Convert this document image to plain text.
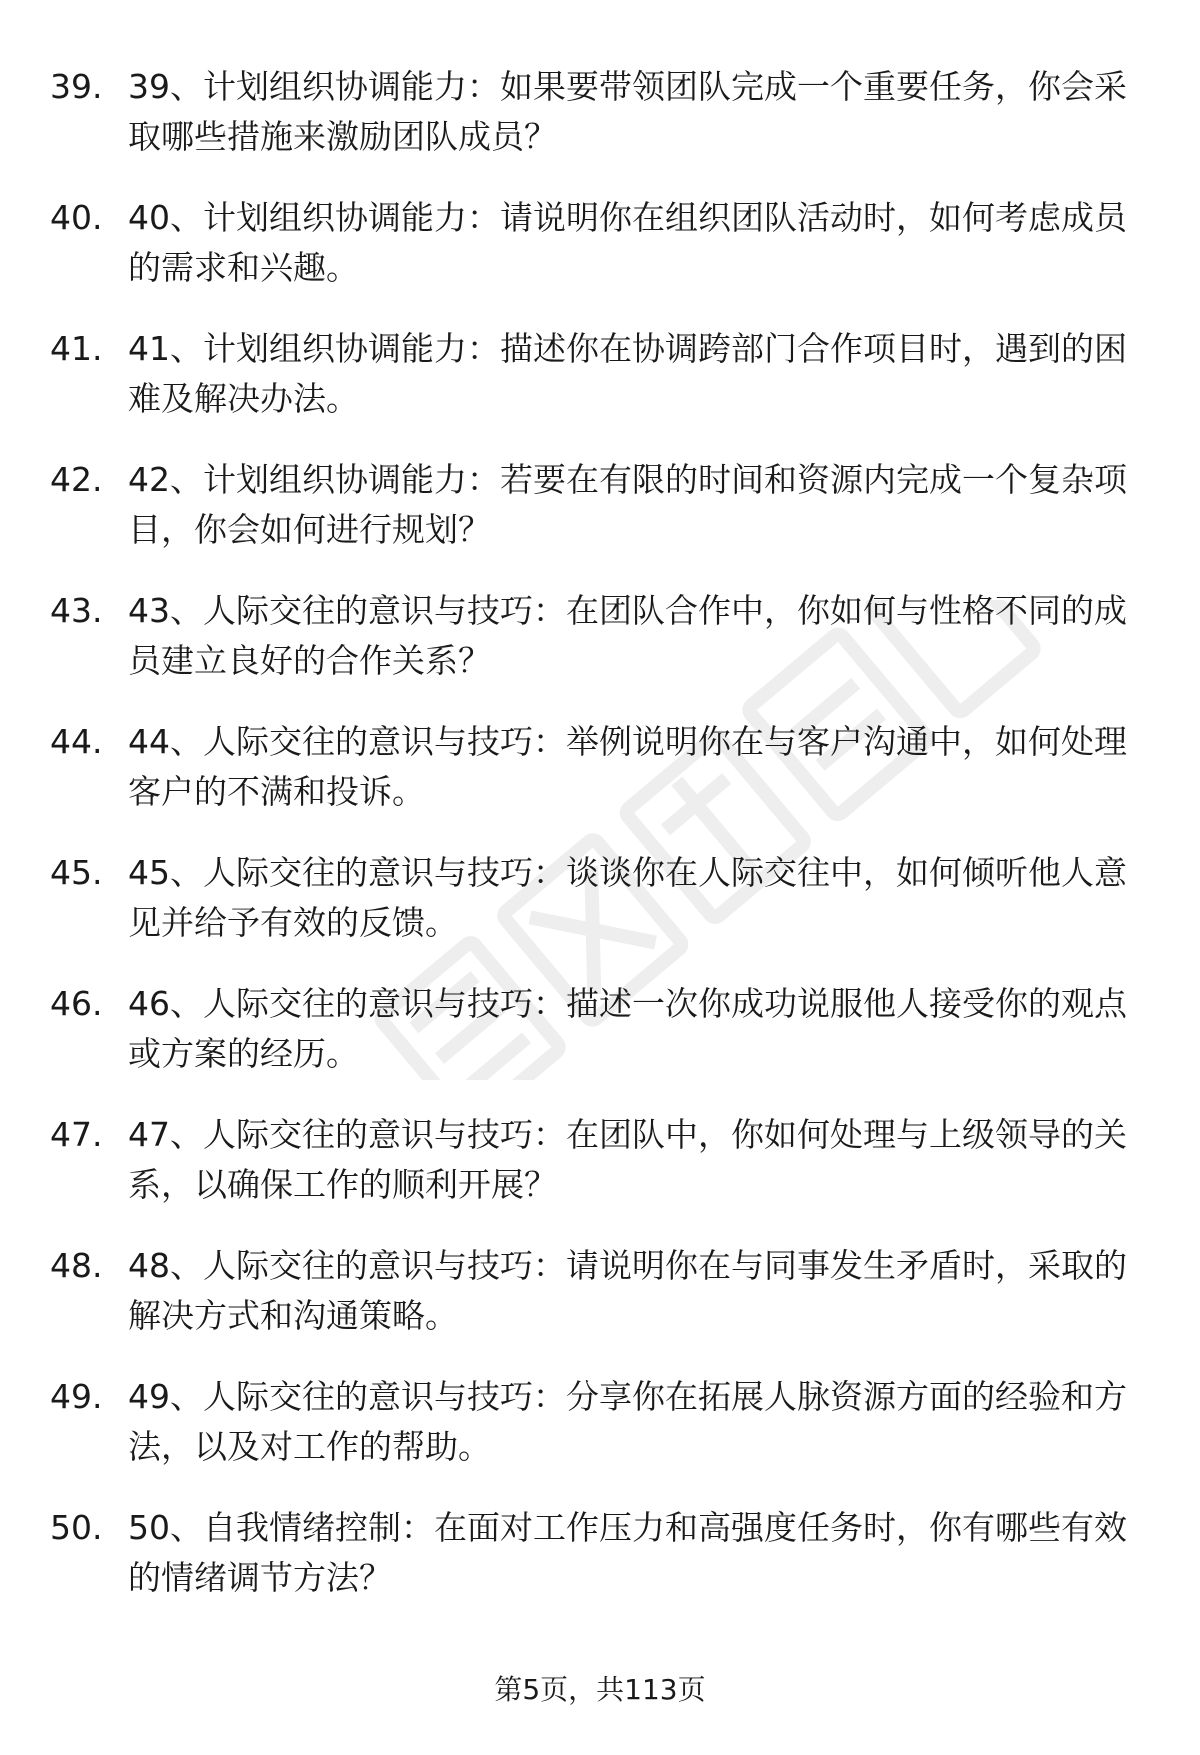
39. 39、计划组织协调能力：如果要带领团队完成一个重要任务，你会采取哪些措施来激励团队成员？
40. 40、计划组织协调能力：请说明你在组织团队活动时，如何考虑成员的需求和兴趣。
41. 41、计划组织协调能力：描述你在协调跨部门合作项目时，遇到的困难及解决办法。
42. 42、计划组织协调能力：若要在有限的时间和资源内完成一个复杂项目，你会如何进行规划？
43. 43、人际交往的意识与技巧：在团队合作中，你如何与性格不同的成员建立良好的合作关系？
44. 44、人际交往的意识与技巧：举例说明你在与客户沟通中，如何处理客户的不满和投诉。
45. 45、人际交往的意识与技巧：谈谈你在人际交往中，如何倾听他人意见并给予有效的反馈。
46. 46、人际交往的意识与技巧：描述一次你成功说服他人接受你的观点或方案的经历。
47. 47、人际交往的意识与技巧：在团队中，你如何处理与上级领导的关系，以确保工作的顺利开展？
48. 48、人际交往的意识与技巧：请说明你在与同事发生矛盾时，采取的解决方式和沟通策略。
49. 49、人际交往的意识与技巧：分享你在拓展人脉资源方面的经验和方法，以及对工作的帮助。
50. 50、自我情绪控制：在面对工作压力和高强度任务时，你有哪些有效的情绪调节方法？
第5页，共113页
